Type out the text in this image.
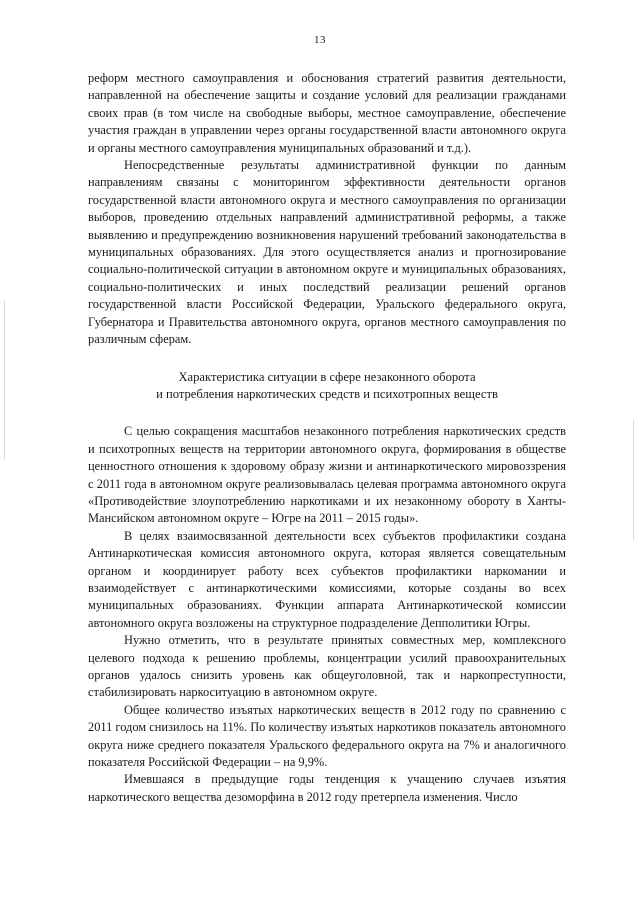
13

реформ местного самоуправления и обоснования стратегий развития деятельности, направленной на обеспечение защиты и создание условий для реализации гражданами своих прав (в том числе на свободные выборы, местное самоуправление, обеспечение участия граждан в управлении через органы государственной власти автономного округа и органы местного самоуправления муниципальных образований и т.д.).

Непосредственные результаты административной функции по данным направлениям связаны с мониторингом эффективности деятельности органов государственной власти автономного округа и местного самоуправления по организации выборов, проведению отдельных направлений административной реформы, а также выявлению и предупреждению возникновения нарушений требований законодательства в муниципальных образованиях. Для этого осуществляется анализ и прогнозирование социально-политической ситуации в автономном округе и муниципальных образованиях, социально-политических и иных последствий реализации решений органов государственной власти Российской Федерации, Уральского федерального округа, Губернатора и Правительства автономного округа, органов местного самоуправления по различным сферам.

Характеристика ситуации в сфере незаконного оборота
и потребления наркотических средств и психотропных веществ

С целью сокращения масштабов незаконного потребления наркотических средств и психотропных веществ на территории автономного округа, формирования в обществе ценностного отношения к здоровому образу жизни и антинаркотического мировоззрения с 2011 года в автономном округе реализовывалась целевая программа автономного округа «Противодействие злоупотреблению наркотиками и их незаконному обороту в Ханты-Мансийском автономном округе – Югре на 2011 – 2015 годы».

В целях взаимосвязанной деятельности всех субъектов профилактики создана Антинаркотическая комиссия автономного округа, которая является совещательным органом и координирует работу всех субъектов профилактики наркомании и взаимодействует с антинаркотическими комиссиями, которые созданы во всех муниципальных образованиях. Функции аппарата Антинаркотической комиссии автономного округа возложены на структурное подразделение Депполитики Югры.

Нужно отметить, что в результате принятых совместных мер, комплексного целевого подхода к решению проблемы, концентрации усилий правоохранительных органов удалось снизить уровень как общеуголовной, так и наркопреступности, стабилизировать наркоситуацию в автономном округе.

Общее количество изъятых наркотических веществ в 2012 году по сравнению с 2011 годом снизилось на 11%. По количеству изъятых наркотиков показатель автономного округа ниже среднего показателя Уральского федерального округа на 7% и аналогичного показателя Российской Федерации – на 9,9%.

Имевшаяся в предыдущие годы тенденция к учащению случаев изъятия наркотического вещества дезоморфина в 2012 году претерпела изменения. Число
